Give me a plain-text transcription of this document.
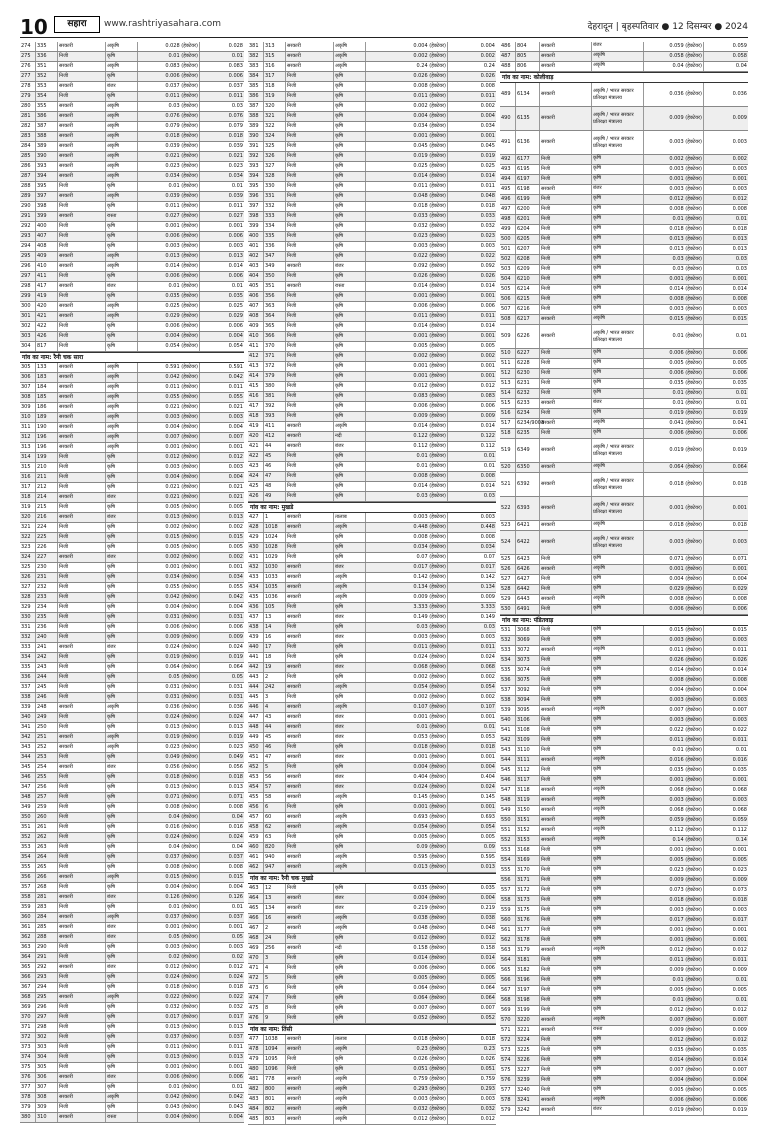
10	सहारा	www.rashtriyasahara.com	देहरादून | बृहस्पतिवार ● 12 दिसम्बर ● 2024
274	335	सरकारी	अकृषि	0.028 (हेक्टेयर)	0.028
275	336	निजी	कृषि	0.01 (हेक्टेयर)	0.01
276	351	सरकारी	अकृषि	0.083 (हेक्टेयर)	0.083
277	352	निजी	कृषि	0.006 (हेक्टेयर)	0.006
278	353	सरकारी	बंजर	0.037 (हेक्टेयर)	0.037
279	354	निजी	कृषि	0.011 (हेक्टेयर)	0.011
280	355	सरकारी	अकृषि	0.03 (हेक्टेयर)	0.03
281	386	सरकारी	अकृषि	0.076 (हेक्टेयर)	0.076
282	387	सरकारी	अकृषि	0.079 (हेक्टेयर)	0.079
283	388	सरकारी	अकृषि	0.018 (हेक्टेयर)	0.018
284	389	सरकारी	अकृषि	0.039 (हेक्टेयर)	0.039
285	390	सरकारी	अकृषि	0.021 (हेक्टेयर)	0.021
286	393	सरकारी	अकृषि	0.023 (हेक्टेयर)	0.023
287	394	सरकारी	अकृषि	0.034 (हेक्टेयर)	0.034
288	395	निजी	कृषि	0.01 (हेक्टेयर)	0.01
289	397	सरकारी	अकृषि	0.039 (हेक्टेयर)	0.039
290	398	निजी	कृषि	0.011 (हेक्टेयर)	0.011
291	399	सरकारी	रास्ता	0.027 (हेक्टेयर)	0.027
292	400	निजी	कृषि	0.001 (हेक्टेयर)	0.001
293	407	निजी	कृषि	0.006 (हेक्टेयर)	0.006
294	408	निजी	कृषि	0.003 (हेक्टेयर)	0.003
295	409	सरकारी	अकृषि	0.013 (हेक्टेयर)	0.013
296	410	सरकारी	अकृषि	0.014 (हेक्टेयर)	0.014
297	411	निजी	कृषि	0.006 (हेक्टेयर)	0.006
298	417	सरकारी	बंजर	0.01 (हेक्टेयर)	0.01
299	419	निजी	कृषि	0.035 (हेक्टेयर)	0.035
300	420	सरकारी	अकृषि	0.025 (हेक्टेयर)	0.025
301	421	सरकारी	अकृषि	0.029 (हेक्टेयर)	0.029
302	422	निजी	कृषि	0.006 (हेक्टेयर)	0.006
303	426	निजी	कृषि	0.004 (हेक्टेयर)	0.004
304	817	निजी	कृषि	0.054 (हेक्टेयर)	0.054
गांव का नाम: रैनी चक सारा
305	133	सरकारी	अकृषि	0.591 (हेक्टेयर)	0.591
306	183	सरकारी	अकृषि	0.042 (हेक्टेयर)	0.042
307	184	सरकारी	अकृषि	0.011 (हेक्टेयर)	0.011
308	185	सरकारी	अकृषि	0.055 (हेक्टेयर)	0.055
309	186	सरकारी	अकृषि	0.021 (हेक्टेयर)	0.021
310	189	सरकारी	अकृषि	0.003 (हेक्टेयर)	0.003
311	190	सरकारी	अकृषि	0.004 (हेक्टेयर)	0.004
312	196	सरकारी	अकृषि	0.007 (हेक्टेयर)	0.007
313	196	सरकारी	अकृषि	0.001 (हेक्टेयर)	0.001
314	199	निजी	कृषि	0.012 (हेक्टेयर)	0.012
315	210	निजी	कृषि	0.003 (हेक्टेयर)	0.003
316	211	निजी	कृषि	0.004 (हेक्टेयर)	0.004
317	212	निजी	कृषि	0.021 (हेक्टेयर)	0.021
318	214	सरकारी	बंजर	0.021 (हेक्टेयर)	0.021
319	215	निजी	कृषि	0.005 (हेक्टेयर)	0.005
320	216	सरकारी	बंजर	0.013 (हेक्टेयर)	0.013
321	224	निजी	कृषि	0.002 (हेक्टेयर)	0.002
322	225	निजी	कृषि	0.015 (हेक्टेयर)	0.015
323	226	निजी	कृषि	0.005 (हेक्टेयर)	0.005
324	227	सरकारी	बंजर	0.002 (हेक्टेयर)	0.002
325	230	निजी	कृषि	0.001 (हेक्टेयर)	0.001
326	231	निजी	कृषि	0.034 (हेक्टेयर)	0.034
327	232	निजी	कृषि	0.055 (हेक्टेयर)	0.055
328	233	निजी	कृषि	0.042 (हेक्टेयर)	0.042
329	234	निजी	कृषि	0.004 (हेक्टेयर)	0.004
330	235	निजी	कृषि	0.031 (हेक्टेयर)	0.031
331	236	निजी	कृषि	0.006 (हेक्टेयर)	0.006
332	240	निजी	कृषि	0.009 (हेक्टेयर)	0.009
333	241	सरकारी	बंजर	0.024 (हेक्टेयर)	0.024
334	242	निजी	कृषि	0.019 (हेक्टेयर)	0.019
335	243	निजी	कृषि	0.064 (हेक्टेयर)	0.064
336	244	निजी	कृषि	0.05 (हेक्टेयर)	0.05
337	245	निजी	कृषि	0.031 (हेक्टेयर)	0.031
338	246	निजी	कृषि	0.031 (हेक्टेयर)	0.031
339	248	सरकारी	अकृषि	0.036 (हेक्टेयर)	0.036
340	249	निजी	कृषि	0.024 (हेक्टेयर)	0.024
341	250	निजी	कृषि	0.013 (हेक्टेयर)	0.013
342	251	सरकारी	अकृषि	0.019 (हेक्टेयर)	0.019
343	252	सरकारी	अकृषि	0.023 (हेक्टेयर)	0.023
344	253	निजी	कृषि	0.049 (हेक्टेयर)	0.049
345	254	सरकारी	बंजर	0.056 (हेक्टेयर)	0.056
346	255	निजी	कृषि	0.018 (हेक्टेयर)	0.018
347	256	निजी	कृषि	0.013 (हेक्टेयर)	0.013
348	257	निजी	कृषि	0.071 (हेक्टेयर)	0.071
349	259	निजी	कृषि	0.008 (हेक्टेयर)	0.008
350	260	निजी	कृषि	0.04 (हेक्टेयर)	0.04
351	261	निजी	कृषि	0.016 (हेक्टेयर)	0.016
352	262	निजी	कृषि	0.024 (हेक्टेयर)	0.024
353	263	निजी	कृषि	0.04 (हेक्टेयर)	0.04
354	264	निजी	कृषि	0.037 (हेक्टेयर)	0.037
355	265	निजी	कृषि	0.008 (हेक्टेयर)	0.008
356	266	सरकारी	अकृषि	0.015 (हेक्टेयर)	0.015
357	268	निजी	कृषि	0.004 (हेक्टेयर)	0.004
358	281	सरकारी	बंजर	0.126 (हेक्टेयर)	0.126
359	283	निजी	कृषि	0.01 (हेक्टेयर)	0.01
360	284	सरकारी	अकृषि	0.037 (हेक्टेयर)	0.037
361	285	सरकारी	बंजर	0.001 (हेक्टेयर)	0.001
362	288	सरकारी	बंजर	0.05 (हेक्टेयर)	0.05
363	290	निजी	कृषि	0.003 (हेक्टेयर)	0.003
364	291	निजी	कृषि	0.02 (हेक्टेयर)	0.02
365	292	सरकारी	बंजर	0.012 (हेक्टेयर)	0.012
366	293	निजी	कृषि	0.024 (हेक्टेयर)	0.024
367	294	निजी	कृषि	0.018 (हेक्टेयर)	0.018
368	295	सरकारी	अकृषि	0.022 (हेक्टेयर)	0.022
369	296	निजी	कृषि	0.032 (हेक्टेयर)	0.032
370	297	निजी	कृषि	0.017 (हेक्टेयर)	0.017
371	298	निजी	कृषि	0.013 (हेक्टेयर)	0.013
372	302	निजी	कृषि	0.037 (हेक्टेयर)	0.037
373	303	निजी	कृषि	0.011 (हेक्टेयर)	0.011
374	304	निजी	कृषि	0.013 (हेक्टेयर)	0.013
375	305	निजी	कृषि	0.001 (हेक्टेयर)	0.001
376	306	सरकारी	बंजर	0.006 (हेक्टेयर)	0.006
377	307	निजी	कृषि	0.01 (हेक्टेयर)	0.01
378	308	सरकारी	अकृषि	0.042 (हेक्टेयर)	0.042
379	309	निजी	कृषि	0.043 (हेक्टेयर)	0.043
380	310	सरकारी	रास्ता	0.004 (हेक्टेयर)	0.004
381	313	सरकारी	अकृषि	0.004 (हेक्टेयर)	0.004
382	315	सरकारी	अकृषि	0.002 (हेक्टेयर)	0.002
383	316	सरकारी	अकृषि	0.24 (हेक्टेयर)	0.24
384	317	निजी	कृषि	0.026 (हेक्टेयर)	0.026
385	318	निजी	कृषि	0.008 (हेक्टेयर)	0.008
386	319	निजी	कृषि	0.011 (हेक्टेयर)	0.011
387	320	निजी	कृषि	0.002 (हेक्टेयर)	0.002
388	321	निजी	कृषि	0.004 (हेक्टेयर)	0.004
389	322	निजी	कृषि	0.034 (हेक्टेयर)	0.034
390	324	निजी	कृषि	0.001 (हेक्टेयर)	0.001
391	325	निजी	कृषि	0.045 (हेक्टेयर)	0.045
392	326	निजी	कृषि	0.019 (हेक्टेयर)	0.019
393	327	निजी	कृषि	0.025 (हेक्टेयर)	0.025
394	328	निजी	कृषि	0.014 (हेक्टेयर)	0.014
395	330	निजी	कृषि	0.011 (हेक्टेयर)	0.011
396	331	निजी	कृषि	0.048 (हेक्टेयर)	0.048
397	332	निजी	कृषि	0.018 (हेक्टेयर)	0.018
398	333	निजी	कृषि	0.033 (हेक्टेयर)	0.033
399	334	निजी	कृषि	0.032 (हेक्टेयर)	0.032
400	335	निजी	कृषि	0.023 (हेक्टेयर)	0.023
401	336	निजी	कृषि	0.003 (हेक्टेयर)	0.003
402	347	निजी	कृषि	0.022 (हेक्टेयर)	0.022
403	349	सरकारी	बंजर	0.092 (हेक्टेयर)	0.092
404	350	निजी	कृषि	0.026 (हेक्टेयर)	0.026
405	351	सरकारी	रास्ता	0.014 (हेक्टेयर)	0.014
406	356	निजी	कृषि	0.001 (हेक्टेयर)	0.001
407	363	निजी	कृषि	0.006 (हेक्टेयर)	0.006
408	364	निजी	कृषि	0.011 (हेक्टेयर)	0.011
409	365	निजी	कृषि	0.014 (हेक्टेयर)	0.014
410	366	निजी	कृषि	0.001 (हेक्टेयर)	0.001
411	370	निजी	कृषि	0.005 (हेक्टेयर)	0.005
412	371	निजी	कृषि	0.002 (हेक्टेयर)	0.002
413	372	निजी	कृषि	0.001 (हेक्टेयर)	0.001
414	379	निजी	कृषि	0.001 (हेक्टेयर)	0.001
415	380	निजी	कृषि	0.012 (हेक्टेयर)	0.012
416	381	निजी	कृषि	0.083 (हेक्टेयर)	0.083
417	392	निजी	कृषि	0.006 (हेक्टेयर)	0.006
418	393	निजी	कृषि	0.009 (हेक्टेयर)	0.009
419	411	सरकारी	अकृषि	0.014 (हेक्टेयर)	0.014
420	412	सरकारी	नदी	0.122 (हेक्टेयर)	0.122
421	44	सरकारी	बंजर	0.112 (हेक्टेयर)	0.112
422	45	निजी	कृषि	0.01 (हेक्टेयर)	0.01
423	46	निजी	कृषि	0.01 (हेक्टेयर)	0.01
424	47	निजी	कृषि	0.008 (हेक्टेयर)	0.008
425	48	निजी	कृषि	0.014 (हेक्टेयर)	0.014
426	49	निजी	कृषि	0.03 (हेक्टेयर)	0.03
गांव का नाम: मुखडे
427	1	सरकारी	तालाब	0.003 (हेक्टेयर)	0.003
428	1018	सरकारी	अकृषि	0.448 (हेक्टेयर)	0.448
429	1024	निजी	कृषि	0.008 (हेक्टेयर)	0.008
430	1028	निजी	कृषि	0.034 (हेक्टेयर)	0.034
431	1029	निजी	कृषि	0.07 (हेक्टेयर)	0.07
432	1030	सरकारी	बंजर	0.017 (हेक्टेयर)	0.017
433	1033	सरकारी	अकृषि	0.142 (हेक्टेयर)	0.142
434	1035	सरकारी	अकृषि	0.134 (हेक्टेयर)	0.134
435	1036	सरकारी	अकृषि	0.009 (हेक्टेयर)	0.009
436	105	निजी	कृषि	3.333 (हेक्टेयर)	3.333
437	13	सरकारी	बंजर	0.149 (हेक्टेयर)	0.149
438	14	निजी	कृषि	0.03 (हेक्टेयर)	0.03
439	16	सरकारी	बंजर	0.003 (हेक्टेयर)	0.003
440	17	निजी	कृषि	0.011 (हेक्टेयर)	0.011
441	18	निजी	कृषि	0.024 (हेक्टेयर)	0.024
442	19	सरकारी	बंजर	0.068 (हेक्टेयर)	0.068
443	2	निजी	कृषि	0.002 (हेक्टेयर)	0.002
444	242	सरकारी	अकृषि	0.054 (हेक्टेयर)	0.054
445	3	निजी	कृषि	0.002 (हेक्टेयर)	0.002
446	4	सरकारी	अकृषि	0.107 (हेक्टेयर)	0.107
447	43	सरकारी	बंजर	0.001 (हेक्टेयर)	0.001
448	44	सरकारी	बंजर	0.01 (हेक्टेयर)	0.01
449	45	सरकारी	बंजर	0.053 (हेक्टेयर)	0.053
450	46	निजी	कृषि	0.018 (हेक्टेयर)	0.018
451	47	सरकारी	बंजर	0.001 (हेक्टेयर)	0.001
452	5	निजी	कृषि	0.004 (हेक्टेयर)	0.004
453	56	सरकारी	बंजर	0.404 (हेक्टेयर)	0.404
454	57	सरकारी	बंजर	0.024 (हेक्टेयर)	0.024
455	58	सरकारी	अकृषि	0.145 (हेक्टेयर)	0.145
456	6	निजी	कृषि	0.001 (हेक्टेयर)	0.001
457	60	सरकारी	अकृषि	0.693 (हेक्टेयर)	0.693
458	62	सरकारी	अकृषि	0.054 (हेक्टेयर)	0.054
459	63	निजी	कृषि	0.005 (हेक्टेयर)	0.005
460	820	निजी	कृषि	0.09 (हेक्टेयर)	0.09
461	940	सरकारी	अकृषि	0.595 (हेक्टेयर)	0.595
462	947	सरकारी	अकृषि	0.013 (हेक्टेयर)	0.013
गांव का नाम: रैनी चक मुखडे
463	12	निजी	कृषि	0.035 (हेक्टेयर)	0.035
464	13	सरकारी	बंजर	0.004 (हेक्टेयर)	0.004
465	134	सरकारी	बंजर	0.219 (हेक्टेयर)	0.219
466	16	सरकारी	अकृषि	0.038 (हेक्टेयर)	0.038
467	2	सरकारी	अकृषि	0.048 (हेक्टेयर)	0.048
468	24	निजी	कृषि	0.012 (हेक्टेयर)	0.012
469	256	सरकारी	नदी	0.158 (हेक्टेयर)	0.158
470	3	निजी	कृषि	0.014 (हेक्टेयर)	0.014
471	4	निजी	कृषि	0.006 (हेक्टेयर)	0.006
472	5	निजी	कृषि	0.005 (हेक्टेयर)	0.005
473	6	निजी	कृषि	0.064 (हेक्टेयर)	0.064
474	7	निजी	कृषि	0.064 (हेक्टेयर)	0.064
475	8	निजी	कृषि	0.007 (हेक्टेयर)	0.007
476	9	निजी	कृषि	0.052 (हेक्टेयर)	0.052
गांव का नाम: तिंसी
477	1038	सरकारी	तालाब	0.018 (हेक्टेयर)	0.018
478	1094	सरकारी	अकृषि	0.23 (हेक्टेयर)	0.23
479	1095	निजी	कृषि	0.026 (हेक्टेयर)	0.026
480	1096	निजी	कृषि	0.051 (हेक्टेयर)	0.051
481	778	सरकारी	अकृषि	0.759 (हेक्टेयर)	0.759
482	800	सरकारी	अकृषि	0.293 (हेक्टेयर)	0.293
483	801	सरकारी	अकृषि	0.003 (हेक्टेयर)	0.003
484	802	सरकारी	अकृषि	0.032 (हेक्टेयर)	0.032
485	803	सरकारी	अकृषि	0.012 (हेक्टेयर)	0.012
486	804	सरकारी	बंजर	0.059 (हेक्टेयर)	0.059
487	805	सरकारी	अकृषि	0.058 (हेक्टेयर)	0.058
488	806	सरकारी	अकृषि	0.04 (हेक्टेयर)	0.04
गांव का नाम: कोलीवाड़
489	6134	सरकारी
अकृषि / भारत सरकार प्रतिरक्षा मंत्रालय
0.036 (हेक्टेयर)	0.036
490	6135	सरकारी
अकृषि / भारत सरकार प्रतिरक्षा मंत्रालय
0.009 (हेक्टेयर)	0.009
491	6136	सरकारी
अकृषि / भारत सरकार प्रतिरक्षा मंत्रालय
0.003 (हेक्टेयर)	0.003
492	6177	निजी	कृषि	0.002 (हेक्टेयर)	0.002
493	6195	निजी	कृषि	0.003 (हेक्टेयर)	0.003
494	6197	निजी	कृषि	0.001 (हेक्टेयर)	0.001
495	6198	सरकारी	बंजर	0.003 (हेक्टेयर)	0.003
496	6199	निजी	कृषि	0.012 (हेक्टेयर)	0.012
497	6200	निजी	कृषि	0.008 (हेक्टेयर)	0.008
498	6201	निजी	कृषि	0.01 (हेक्टेयर)	0.01
499	6204	निजी	कृषि	0.018 (हेक्टेयर)	0.018
500	6205	निजी	कृषि	0.013 (हेक्टेयर)	0.013
501	6207	निजी	कृषि	0.013 (हेक्टेयर)	0.013
502	6208	निजी	कृषि	0.03 (हेक्टेयर)	0.03
503	6209	निजी	कृषि	0.03 (हेक्टेयर)	0.03
504	6210	निजी	कृषि	0.001 (हेक्टेयर)	0.001
505	6214	निजी	कृषि	0.014 (हेक्टेयर)	0.014
506	6215	निजी	कृषि	0.008 (हेक्टेयर)	0.008
507	6216	निजी	कृषि	0.003 (हेक्टेयर)	0.003
508	6217	सरकारी	अकृषि	0.015 (हेक्टेयर)	0.015
509	6226	सरकारी
अकृषि / भारत सरकार प्रतिरक्षा मंत्रालय
0.01 (हेक्टेयर)	0.01
510	6227	निजी	कृषि	0.006 (हेक्टेयर)	0.006
511	6228	निजी	कृषि	0.005 (हेक्टेयर)	0.005
512	6230	निजी	कृषि	0.006 (हेक्टेयर)	0.006
513	6231	निजी	कृषि	0.035 (हेक्टेयर)	0.035
514	6232	निजी	कृषि	0.01 (हेक्टेयर)	0.01
515	6233	सरकारी	बंजर	0.01 (हेक्टेयर)	0.01
516	6234	निजी	कृषि	0.019 (हेक्टेयर)	0.019
517	6234/9003
सरकारी	अकृषि	0.041 (हेक्टेयर)	0.041
518	6235	निजी	कृषि	0.006 (हेक्टेयर)	0.006
519	6349	सरकारी
अकृषि / भारत सरकार प्रतिरक्षा मंत्रालय
0.019 (हेक्टेयर)	0.019
520	6350	सरकारी	अकृषि	0.064 (हेक्टेयर)	0.064
521	6392	सरकारी
अकृषि / भारत सरकार प्रतिरक्षा मंत्रालय
0.018 (हेक्टेयर)	0.018
522	6393	सरकारी
अकृषि / भारत सरकार प्रतिरक्षा मंत्रालय
0.001 (हेक्टेयर)	0.001
523	6421	सरकारी	अकृषि	0.018 (हेक्टेयर)	0.018
524	6422	सरकारी
अकृषि / भारत सरकार प्रतिरक्षा मंत्रालय
0.003 (हेक्टेयर)	0.003
525	6423	निजी	कृषि	0.071 (हेक्टेयर)	0.071
526	6426	सरकारी	अकृषि	0.001 (हेक्टेयर)	0.001
527	6427	निजी	कृषि	0.004 (हेक्टेयर)	0.004
528	6442	निजी	कृषि	0.029 (हेक्टेयर)	0.029
529	6443	सरकारी	अकृषि	0.008 (हेक्टेयर)	0.008
530	6491	निजी	कृषि	0.006 (हेक्टेयर)	0.006
गांव का नाम: पंडितवाड़
531	3068	निजी	कृषि	0.015 (हेक्टेयर)	0.015
532	3069	निजी	कृषि	0.003 (हेक्टेयर)	0.003
533	3072	सरकारी	अकृषि	0.011 (हेक्टेयर)	0.011
534	3073	निजी	कृषि	0.026 (हेक्टेयर)	0.026
535	3074	निजी	कृषि	0.014 (हेक्टेयर)	0.014
536	3075	निजी	कृषि	0.008 (हेक्टेयर)	0.008
537	3092	निजी	कृषि	0.004 (हेक्टेयर)	0.004
538	3094	निजी	कृषि	0.003 (हेक्टेयर)	0.003
539	3095	सरकारी	अकृषि	0.007 (हेक्टेयर)	0.007
540	3106	निजी	कृषि	0.003 (हेक्टेयर)	0.003
541	3108	निजी	कृषि	0.022 (हेक्टेयर)	0.022
542	3109	निजी	कृषि	0.011 (हेक्टेयर)	0.011
543	3110	निजी	कृषि	0.01 (हेक्टेयर)	0.01
544	3111	सरकारी	अकृषि	0.016 (हेक्टेयर)	0.016
545	3112	निजी	कृषि	0.035 (हेक्टेयर)	0.035
546	3117	निजी	कृषि	0.001 (हेक्टेयर)	0.001
547	3118	सरकारी	अकृषि	0.068 (हेक्टेयर)	0.068
548	3119	सरकारी	अकृषि	0.003 (हेक्टेयर)	0.003
549	3150	सरकारी	अकृषि	0.068 (हेक्टेयर)	0.068
550	3151	सरकारी	अकृषि	0.059 (हेक्टेयर)	0.059
551	3152	सरकारी	अकृषि	0.112 (हेक्टेयर)	0.112
552	3153	सरकारी	अकृषि	0.14 (हेक्टेयर)	0.14
553	3168	निजी	कृषि	0.001 (हेक्टेयर)	0.001
554	3169	निजी	कृषि	0.005 (हेक्टेयर)	0.005
555	3170	निजी	कृषि	0.023 (हेक्टेयर)	0.023
556	3171	निजी	कृषि	0.009 (हेक्टेयर)	0.009
557	3172	निजी	कृषि	0.073 (हेक्टेयर)	0.073
558	3173	निजी	कृषि	0.018 (हेक्टेयर)	0.018
559	3175	निजी	कृषि	0.003 (हेक्टेयर)	0.003
560	3176	निजी	कृषि	0.017 (हेक्टेयर)	0.017
561	3177	निजी	कृषि	0.001 (हेक्टेयर)	0.001
562	3178	निजी	कृषि	0.001 (हेक्टेयर)	0.001
563	3179	सरकारी	अकृषि	0.012 (हेक्टेयर)	0.012
564	3181	निजी	कृषि	0.011 (हेक्टेयर)	0.011
565	3182	निजी	कृषि	0.009 (हेक्टेयर)	0.009
566	3196	निजी	कृषि	0.01 (हेक्टेयर)	0.01
567	3197	निजी	कृषि	0.005 (हेक्टेयर)	0.005
568	3198	निजी	कृषि	0.01 (हेक्टेयर)	0.01
569	3199	निजी	कृषि	0.012 (हेक्टेयर)	0.012
570	3220	सरकारी	अकृषि	0.007 (हेक्टेयर)	0.007
571	3221	सरकारी	रास्ता	0.009 (हेक्टेयर)	0.009
572	3224	निजी	कृषि	0.012 (हेक्टेयर)	0.012
573	3225	निजी	कृषि	0.035 (हेक्टेयर)	0.035
574	3226	निजी	कृषि	0.014 (हेक्टेयर)	0.014
575	3227	निजी	कृषि	0.007 (हेक्टेयर)	0.007
576	3239	निजी	कृषि	0.004 (हेक्टेयर)	0.004
577	3240	निजी	कृषि	0.005 (हेक्टेयर)	0.005
578	3241	सरकारी	अकृषि	0.006 (हेक्टेयर)	0.006
579	3242	सरकारी	बंजर	0.019 (हेक्टेयर)	0.019
